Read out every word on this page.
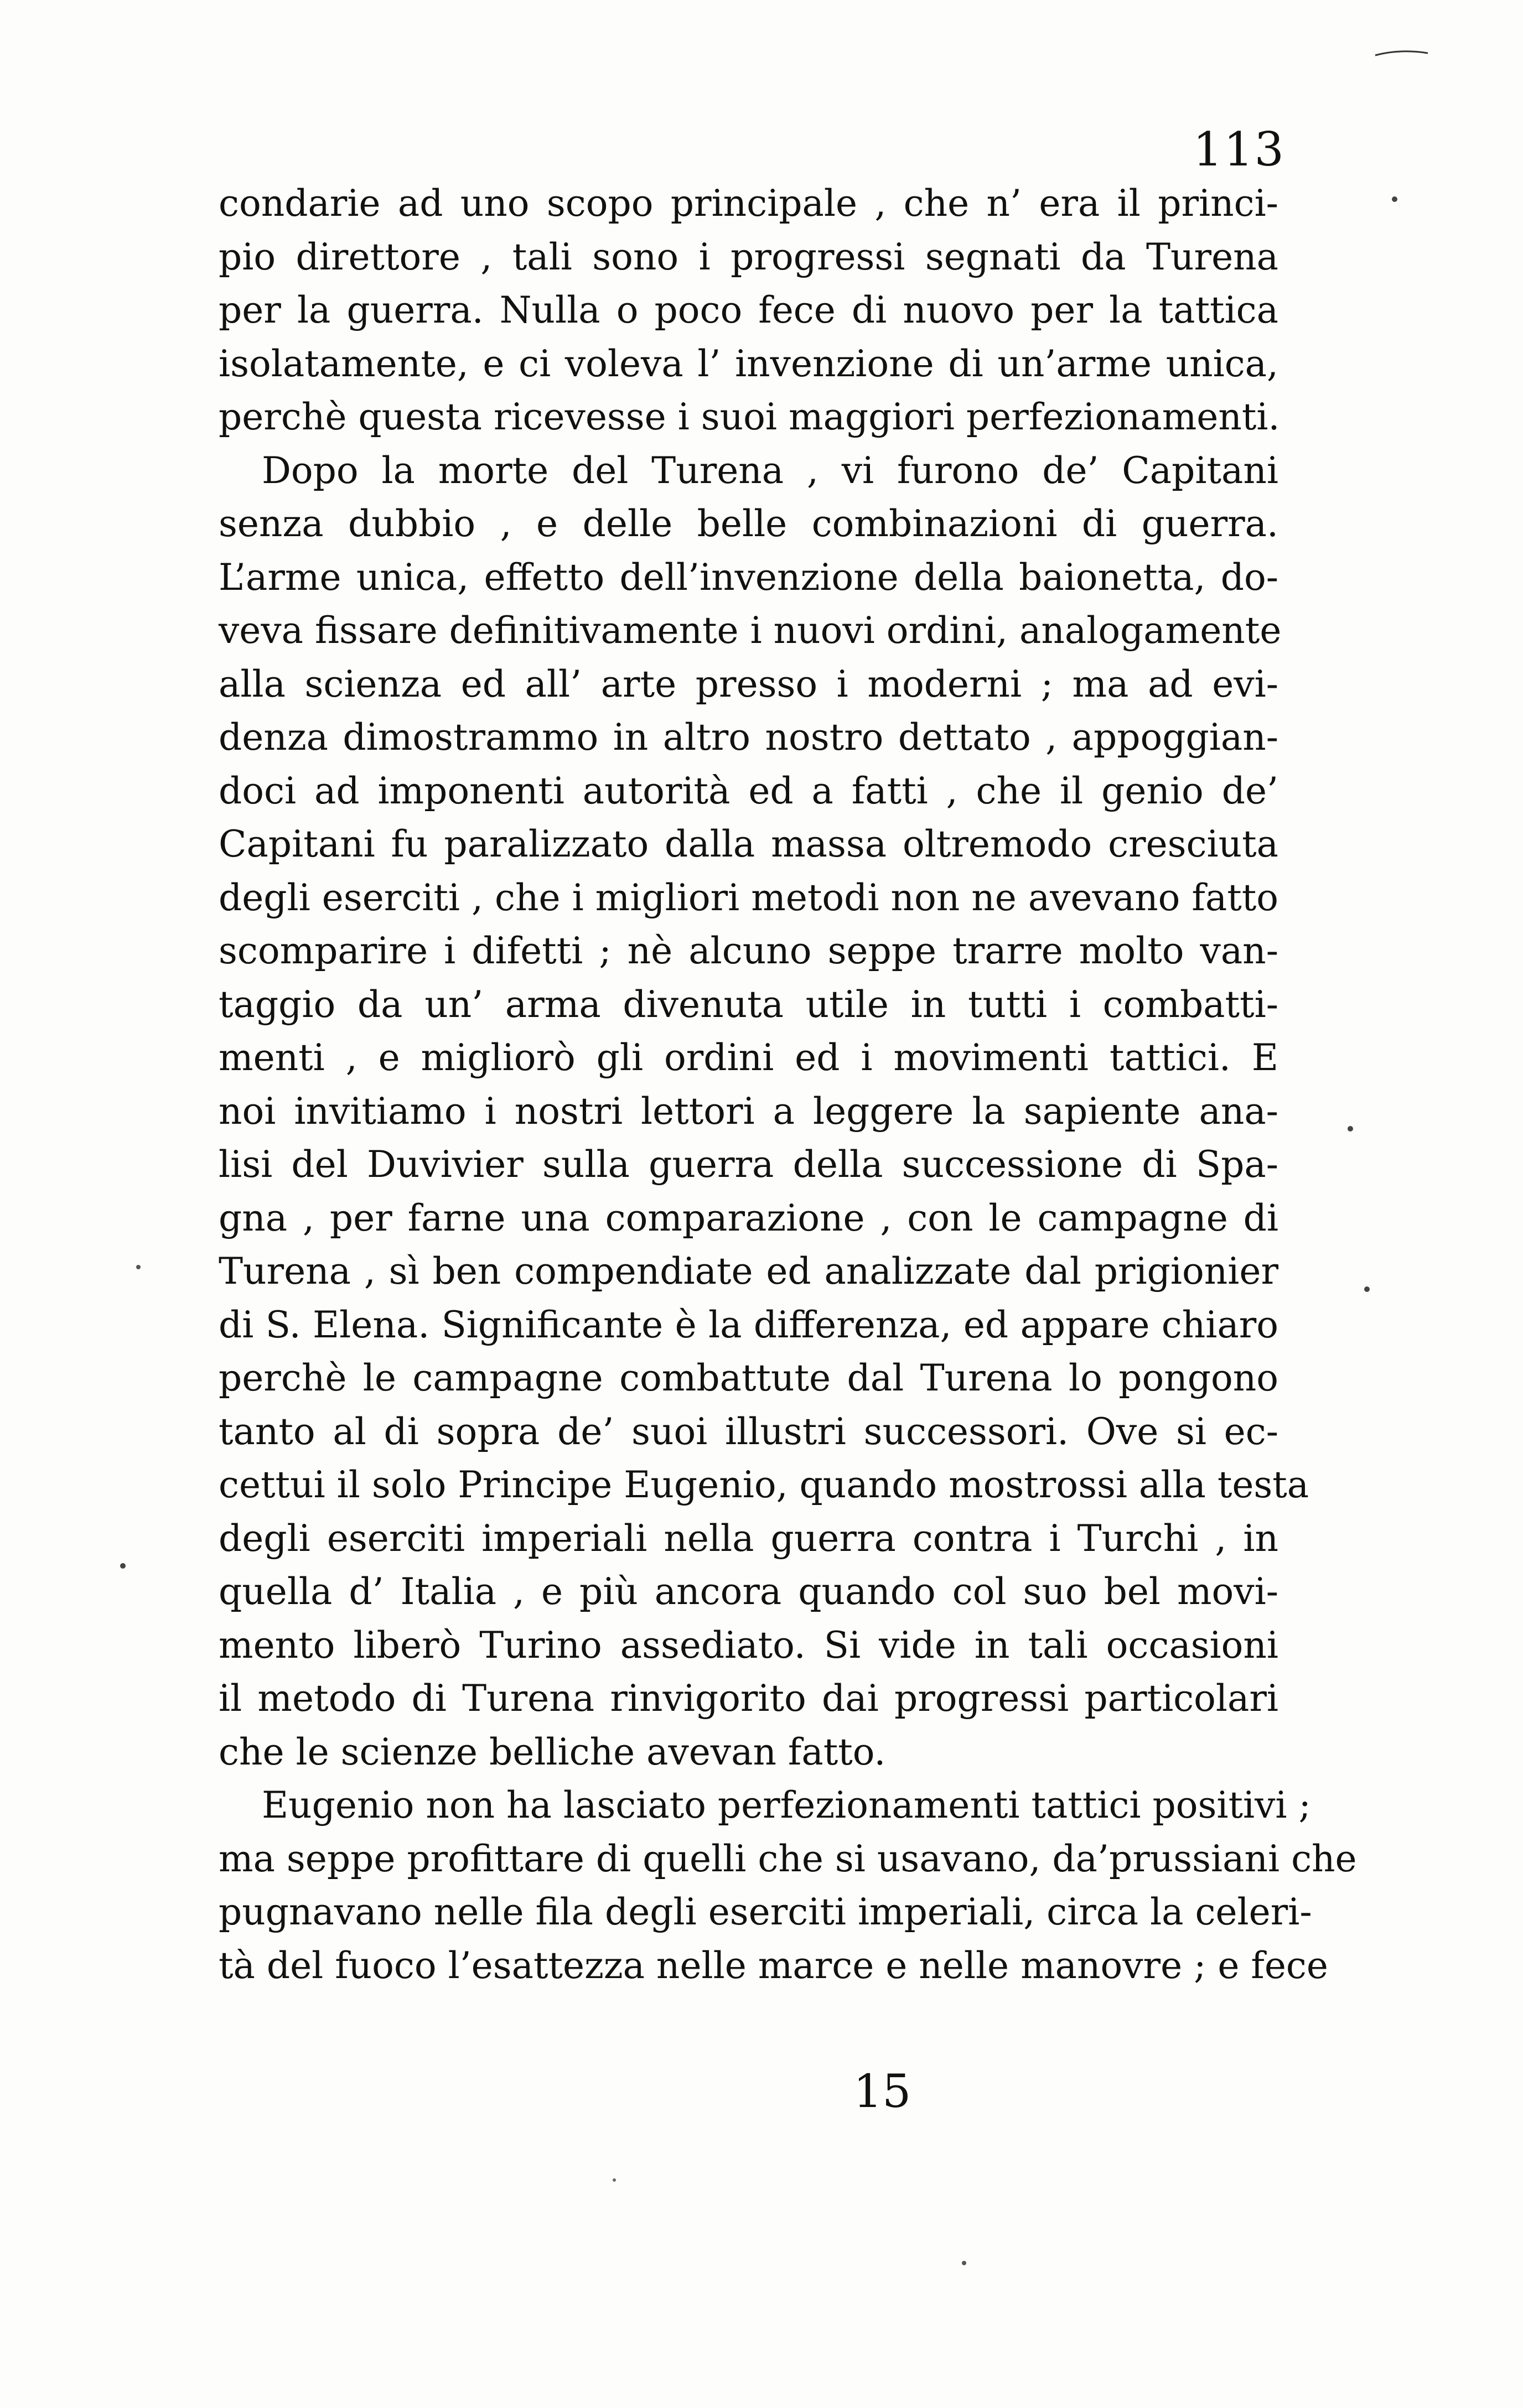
113
condarie ad uno scopo principale , che n’ era il princi-
pio direttore , tali sono i progressi segnati da Turena
per la guerra. Nulla o poco fece di nuovo per la tattica
isolatamente, e ci voleva l’ invenzione di un’arme unica,
perchè questa ricevesse i suoi maggiori perfezionamenti.
Dopo la morte del Turena , vi furono de’ Capitani
senza dubbio , e delle belle combinazioni di guerra.
L’arme unica, effetto dell’invenzione della baionetta, do-
veva fissare definitivamente i nuovi ordini, analogamente
alla scienza ed all’ arte presso i moderni ; ma ad evi-
denza dimostrammo in altro nostro dettato , appoggian-
doci ad imponenti autorità ed a fatti , che il genio de’
Capitani fu paralizzato dalla massa oltremodo cresciuta
degli eserciti , che i migliori metodi non ne avevano fatto
scomparire i difetti ; nè alcuno seppe trarre molto van-
taggio da un’ arma divenuta utile in tutti i combatti-
menti , e migliorò gli ordini ed i movimenti tattici. E
noi invitiamo i nostri lettori a leggere la sapiente ana-
lisi del Duvivier sulla guerra della successione di Spa-
gna , per farne una comparazione , con le campagne di
Turena , sì ben compendiate ed analizzate dal prigionier
di S. Elena. Significante è la differenza, ed appare chiaro
perchè le campagne combattute dal Turena lo pongono
tanto al di sopra de’ suoi illustri successori. Ove si ec-
cettui il solo Principe Eugenio, quando mostrossi alla testa
degli eserciti imperiali nella guerra contra i Turchi , in
quella d’ Italia , e più ancora quando col suo bel movi-
mento liberò Turino assediato. Si vide in tali occasioni
il metodo di Turena rinvigorito dai progressi particolari
che le scienze belliche avevan fatto.
Eugenio non ha lasciato perfezionamenti tattici positivi ;
ma seppe profittare di quelli che si usavano, da’prussiani che
pugnavano nelle fila degli eserciti imperiali, circa la celeri-
tà del fuoco l’esattezza nelle marce e nelle manovre ; e fece
15
